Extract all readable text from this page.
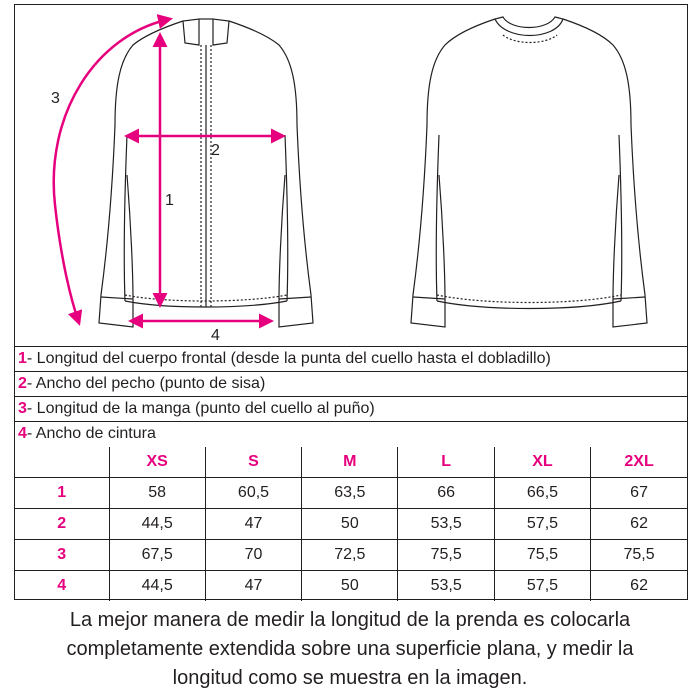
1
2
3
4
1- Longitud del cuerpo frontal (desde la punta del cuello hasta el dobladillo)
2- Ancho del pecho (punto de sisa)
3- Longitud de la manga (punto del cuello al puño)
4- Ancho de cintura
	XS	S	M	L	XL	2XL
1	58	60,5	63,5	66	66,5	67
2	44,5	47	50	53,5	57,5	62
3	67,5	70	72,5	75,5	75,5	75,5
4	44,5	47	50	53,5	57,5	62
La mejor manera de medir la longitud de la prenda es colocarla
completamente extendida sobre una superficie plana, y medir la
longitud como se muestra en la imagen.
